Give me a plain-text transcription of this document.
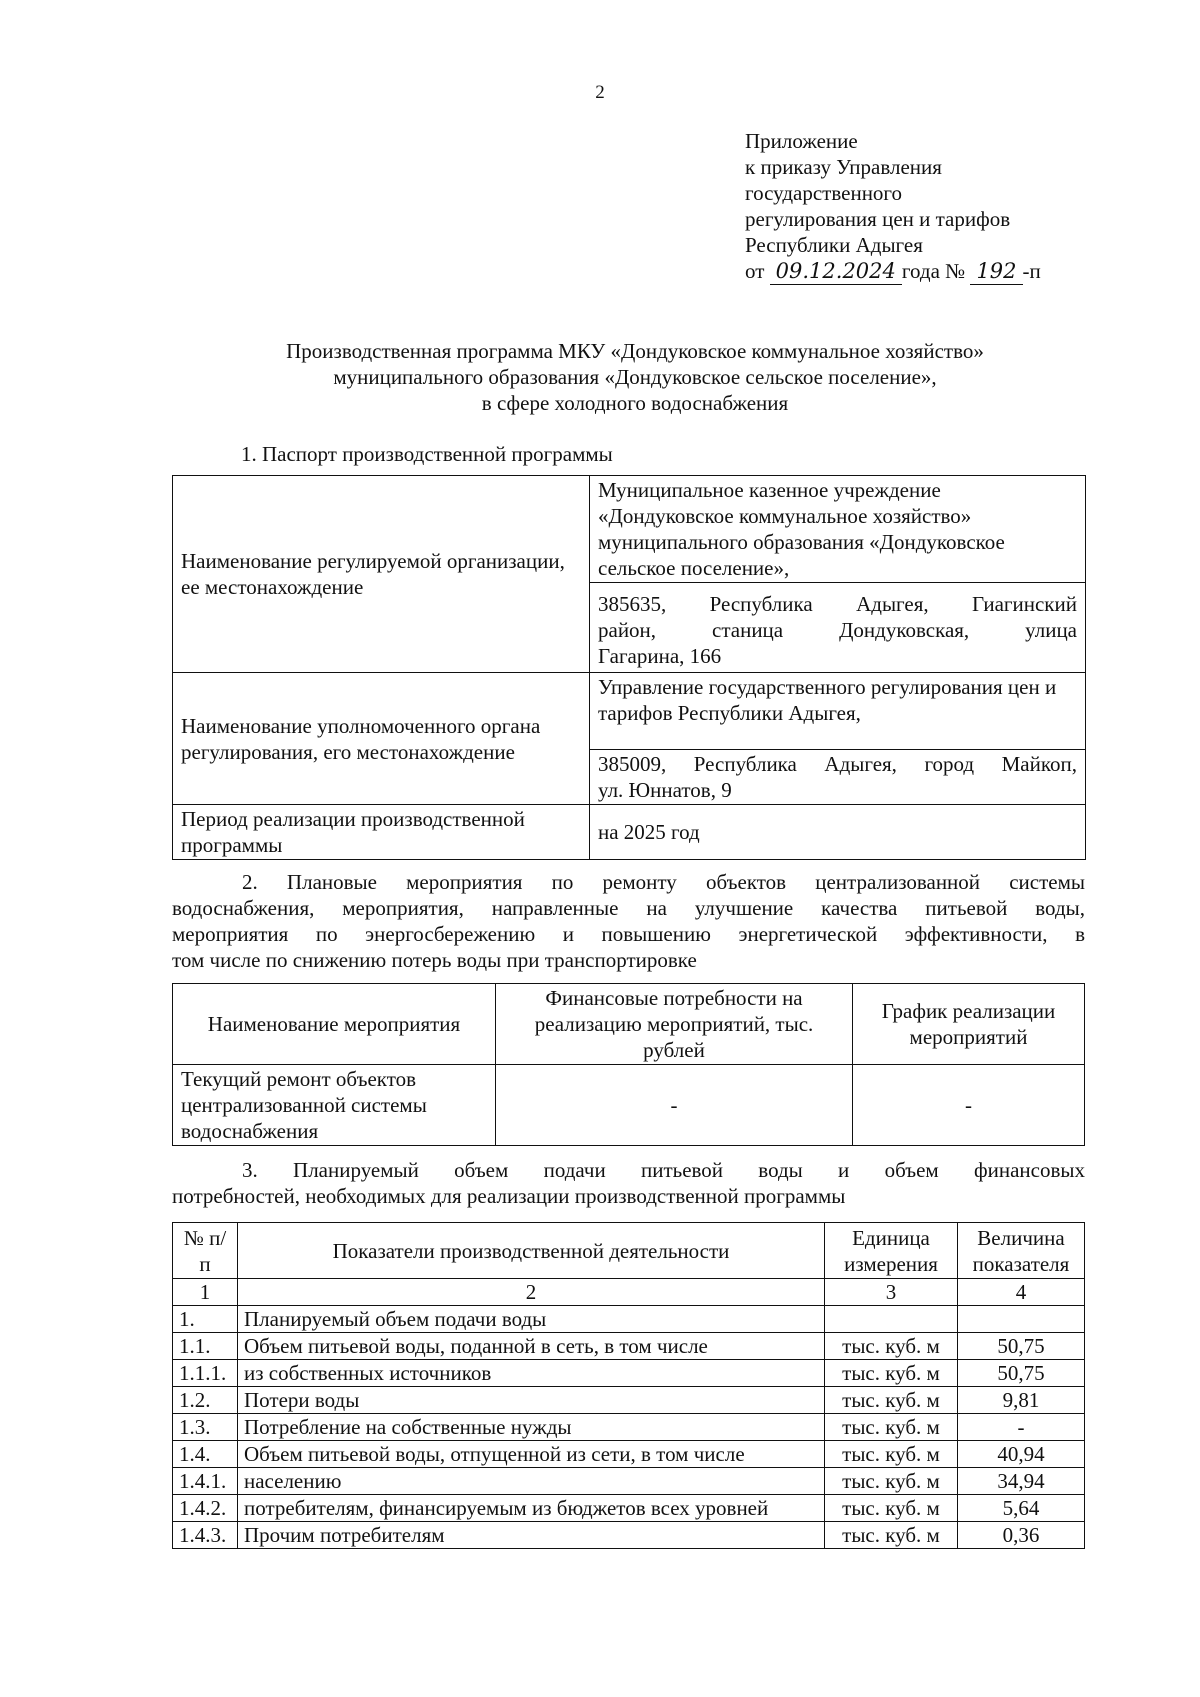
2
Приложение
к приказу Управления
государственного
регулирования цен и тарифов
Республики Адыгея
от 09.12.2024 года № 192 -п
Производственная программа МКУ «Дондуковское коммунальное хозяйство»
муниципального образования «Дондуковское сельское поселение»,
в сфере холодного водоснабжения
1. Паспорт производственной программы
Наименование регулируемой организации, ее местонахождение	Муниципальное казенное учреждение «Дондуковское коммунальное хозяйство» муниципального образования «Дондуковское сельское поселение»,

	385635, Республика Адыгея, Гиагинский
район, станица Дондуковская, улица
Гагарина, 166

Наименование уполномоченного органа регулирования, его местонахождение	Управление государственного регулирования цен и тарифов Республики Адыгея,

	385009, Республика Адыгея, город Майкоп,
ул. Юннатов, 9

Период реализации производственной программы	на 2025 год
2. Плановые мероприятия по ремонту объектов централизованной системы
водоснабжения, мероприятия, направленные на улучшение качества питьевой воды,
мероприятия по энергосбережению и повышению энергетической эффективности, в
том числе по снижению потерь воды при транспортировке
Наименование мероприятия	Финансовые потребности на реализацию мероприятий, тыс. рублей	График реализации мероприятий
Текущий ремонт объектов централизованной системы водоснабжения	-	-
3. Планируемый объем подачи питьевой воды и объем финансовых
потребностей, необходимых для реализации производственной программы
№ п/п	Показатели производственной деятельности	Единица измерения	Величина показателя
1	2	3	4
1.	Планируемый объем подачи воды		
1.1.	Объем питьевой воды, поданной в сеть, в том числе	тыс. куб. м	50,75
1.1.1.	из собственных источников	тыс. куб. м	50,75
1.2.	Потери воды	тыс. куб. м	9,81
1.3.	Потребление на собственные нужды	тыс. куб. м	-
1.4.	Объем питьевой воды, отпущенной из сети, в том числе	тыс. куб. м	40,94
1.4.1.	населению	тыс. куб. м	34,94
1.4.2.	потребителям, финансируемым из бюджетов всех уровней	тыс. куб. м	5,64
1.4.3.	Прочим потребителям	тыс. куб. м	0,36
